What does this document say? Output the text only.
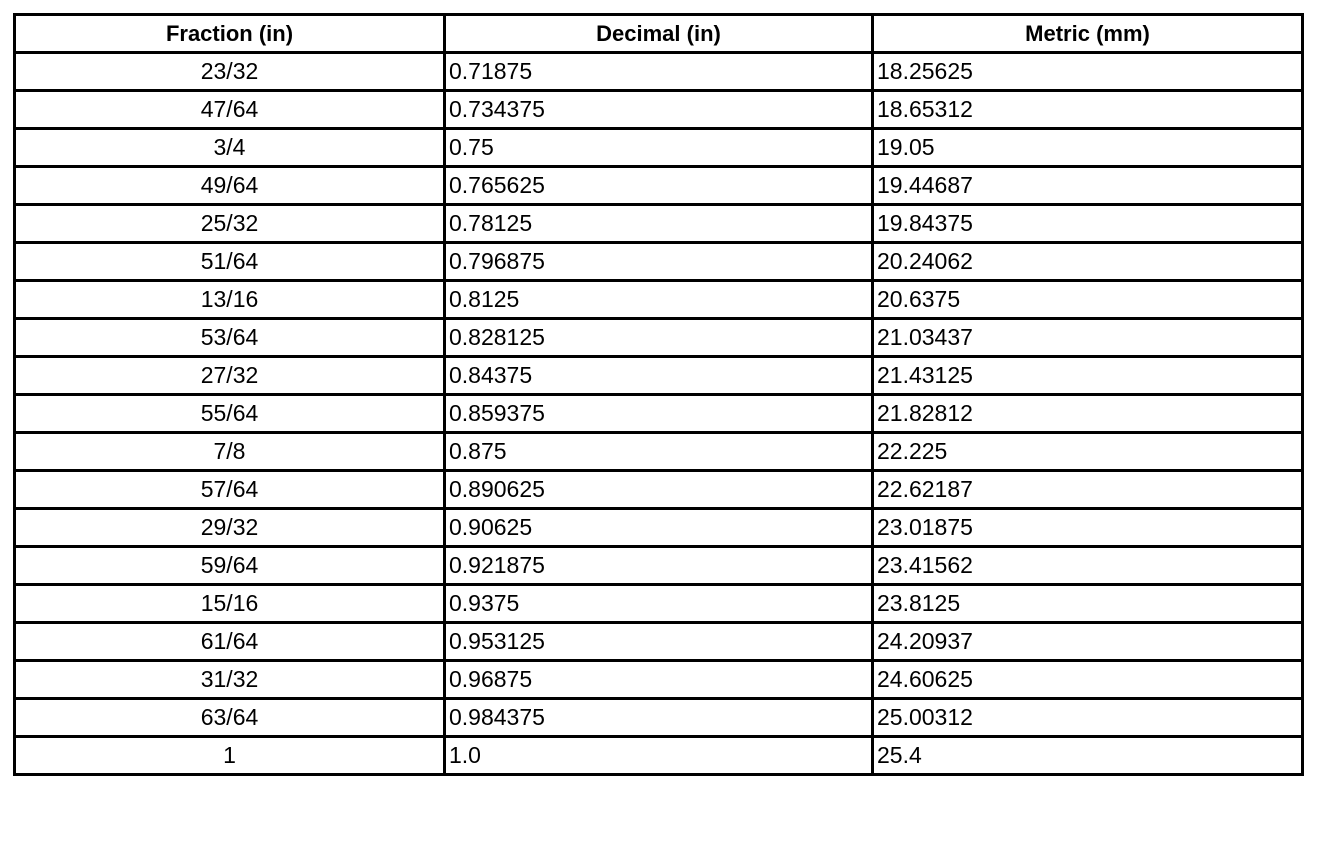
Fraction (in)	Decimal (in)	Metric (mm)
23/32	0.71875	18.25625
47/64	0.734375	18.65312
3/4	0.75	19.05
49/64	0.765625	19.44687
25/32	0.78125	19.84375
51/64	0.796875	20.24062
13/16	0.8125	20.6375
53/64	0.828125	21.03437
27/32	0.84375	21.43125
55/64	0.859375	21.82812
7/8	0.875	22.225
57/64	0.890625	22.62187
29/32	0.90625	23.01875
59/64	0.921875	23.41562
15/16	0.9375	23.8125
61/64	0.953125	24.20937
31/32	0.96875	24.60625
63/64	0.984375	25.00312
1	1.0	25.4
